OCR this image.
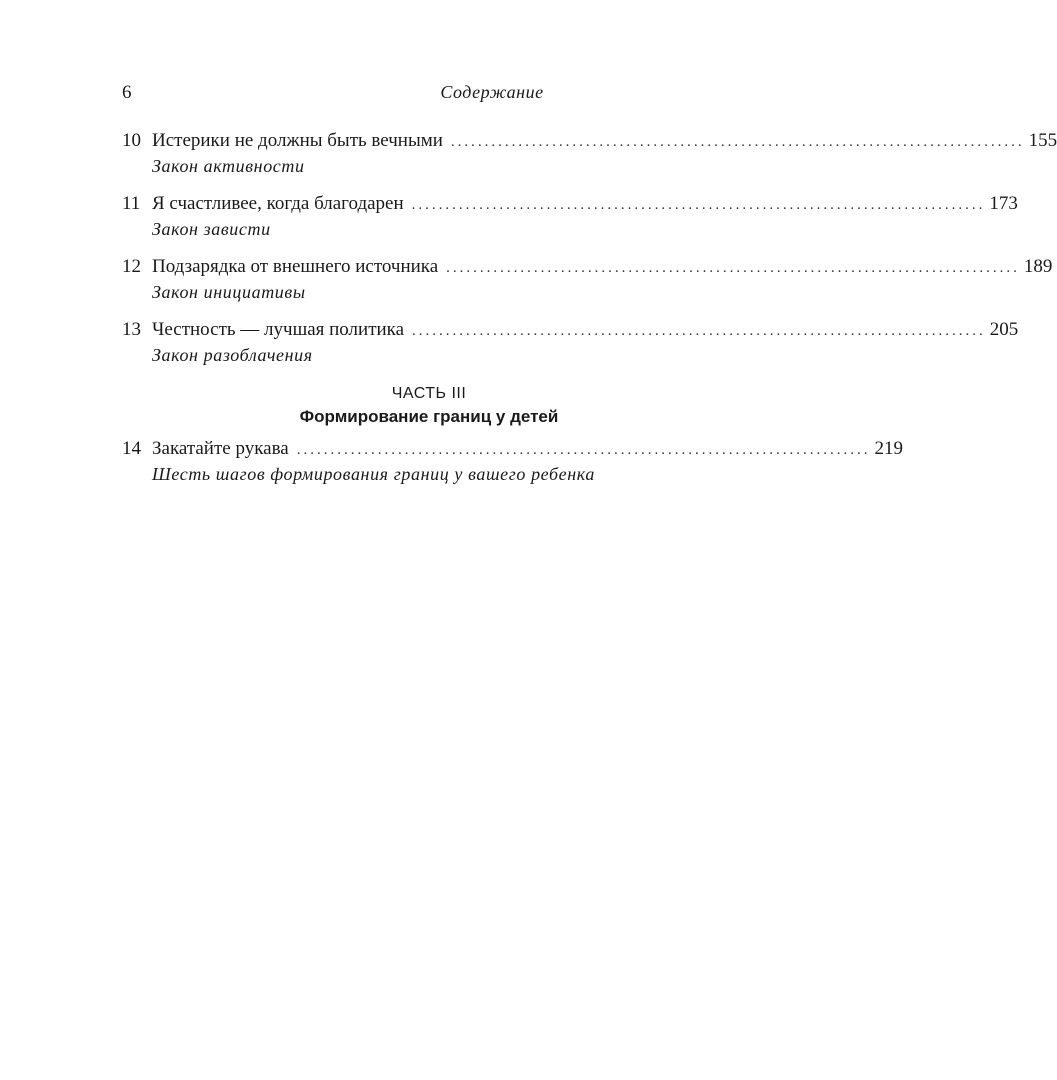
6	Содержание
10 Истерики не должны быть вечными ..................................................................................... 155
Закон активности
11 Я счастливее, когда благодарен ..................................................................................... 173
Закон зависти
12 Подзарядка от внешнего источника ..................................................................................... 189
Закон инициативы
13 Честность — лучшая политика ..................................................................................... 205
Закон разоблачения
ЧАСТЬ III
Формирование границ у детей
14 Закатайте рукава ..................................................................................... 219
Шесть шагов формирования границ у вашего ребенка
